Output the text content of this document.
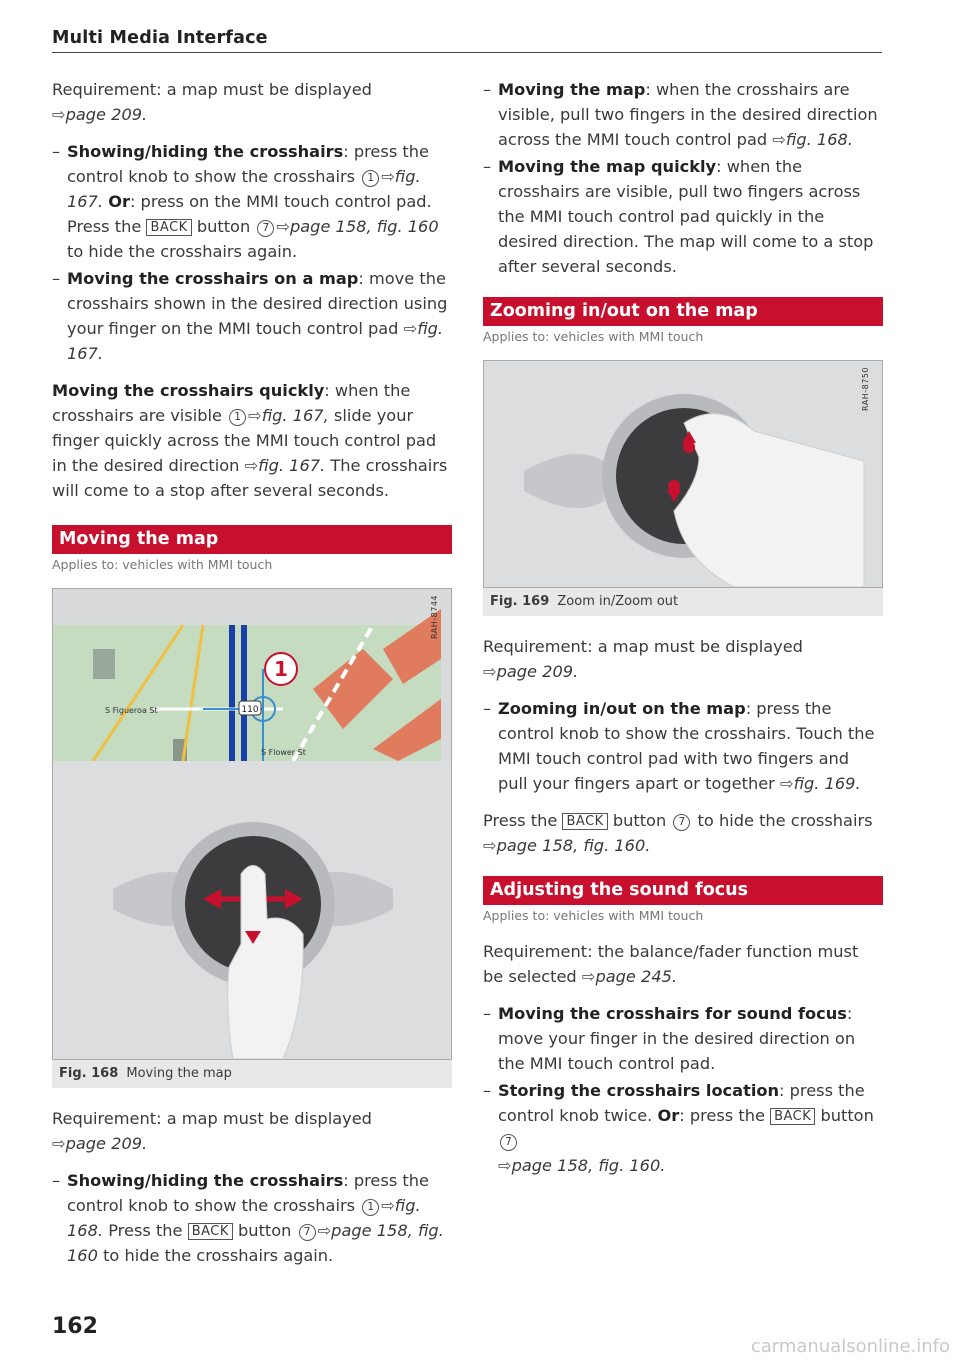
Multi Media Interface

Requirement: a map must be displayed
⇨page 209.

– Showing/hiding the crosshairs: press the control knob to show the crosshairs 1 ⇨fig. 167. Or: press on the MMI touch control pad. Press the BACK button 7 ⇨page 158, fig. 160 to hide the crosshairs again.
– Moving the crosshairs on a map: move the crosshairs shown in the desired direction using your finger on the MMI touch control pad ⇨fig. 167.

Moving the crosshairs quickly: when the crosshairs are visible 1 ⇨fig. 167, slide your finger quickly across the MMI touch control pad in the desired direction ⇨fig. 167. The crosshairs will come to a stop after several seconds.

Moving the map
Applies to: vehicles with MMI touch
RAH-8744
1
110
S Figueroa St
S Flower St
Fig. 168 Moving the map

Requirement: a map must be displayed
⇨page 209.

– Showing/hiding the crosshairs: press the control knob to show the crosshairs 1 ⇨fig. 168. Press the BACK button 7 ⇨page 158, fig. 160 to hide the crosshairs again.
– Moving the map: when the crosshairs are visible, pull two fingers in the desired direction across the MMI touch control pad ⇨fig. 168.
– Moving the map quickly: when the crosshairs are visible, pull two fingers across the MMI touch control pad quickly in the desired direction. The map will come to a stop after several seconds.
Zooming in/out on the map
Applies to: vehicles with MMI touch
RAH-8750
Fig. 169 Zoom in/Zoom out

Requirement: a map must be displayed
⇨page 209.

– Zooming in/out on the map: press the control knob to show the crosshairs. Touch the MMI touch control pad with two fingers and pull your fingers apart or together ⇨fig. 169.

Press the BACK button 7 to hide the crosshairs
⇨page 158, fig. 160.

Adjusting the sound focus
Applies to: vehicles with MMI touch

Requirement: the balance/fader function must be selected ⇨page 245.

– Moving the crosshairs for sound focus: move your finger in the desired direction on the MMI touch control pad.
– Storing the crosshairs location: press the control knob twice. Or: press the BACK button 7
⇨page 158, fig. 160.
162
carmanualsonline.info
